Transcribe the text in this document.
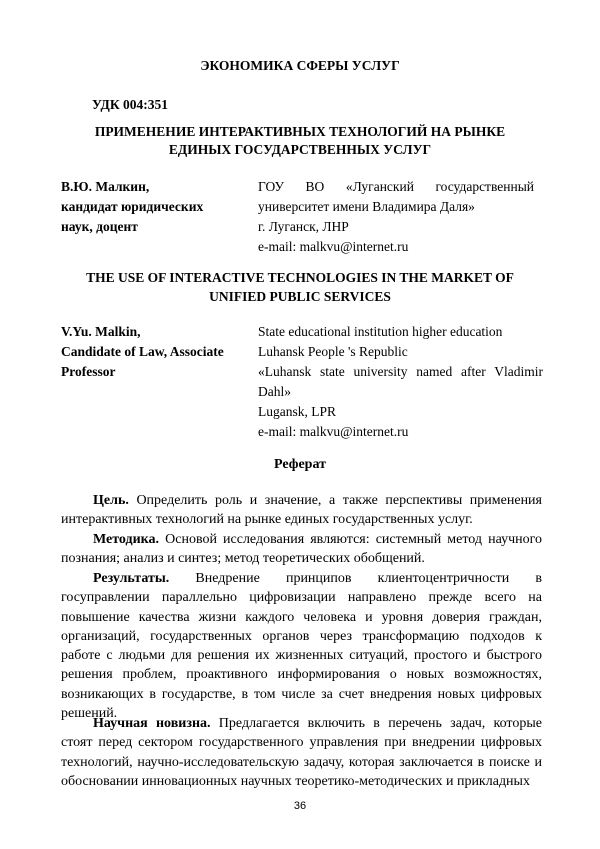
ЭКОНОМИКА СФЕРЫ УСЛУГ
УДК 004:351
ПРИМЕНЕНИЕ ИНТЕРАКТИВНЫХ ТЕХНОЛОГИЙ НА РЫНКЕ
ЕДИНЫХ ГОСУДАРСТВЕННЫХ УСЛУГ
В.Ю. Малкин,
кандидат юридических
наук, доцент
ГОУ ВО «Луганский государственный
университет имени Владимира Даля»
г. Луганск, ЛНР
e-mail: malkvu@internet.ru
THE USE OF INTERACTIVE TECHNOLOGIES IN THE MARKET OF
UNIFIED PUBLIC SERVICES
V.Yu. Malkin,
Candidate of Law, Associate
Professor
State educational institution higher education
Luhansk People 's Republic
«Luhansk state university named after Vladimir
Dahl»
Lugansk, LPR
e-mail: malkvu@internet.ru
Реферат
Цель. Определить роль и значение, а также перспективы применения интерактивных технологий на рынке единых государственных услуг.
Методика. Основой исследования являются: системный метод научного познания; анализ и синтез; метод теоретических обобщений.
Результаты. Внедрение принципов клиентоцентричности в госуправлении параллельно цифровизации направлено прежде всего на повышение качества жизни каждого человека и уровня доверия граждан, организаций, государственных органов через трансформацию подходов к работе с людьми для решения их жизненных ситуаций, простого и быстрого решения проблем, проактивного информирования о новых возможностях, возникающих в государстве, в том числе за счет внедрения новых цифровых решений.
Научная новизна. Предлагается включить в перечень задач, которые стоят перед сектором государственного управления при внедрении цифровых технологий, научно-исследовательскую задачу, которая заключается в поиске и обосновании инновационных научных теоретико-методических и прикладных
36
